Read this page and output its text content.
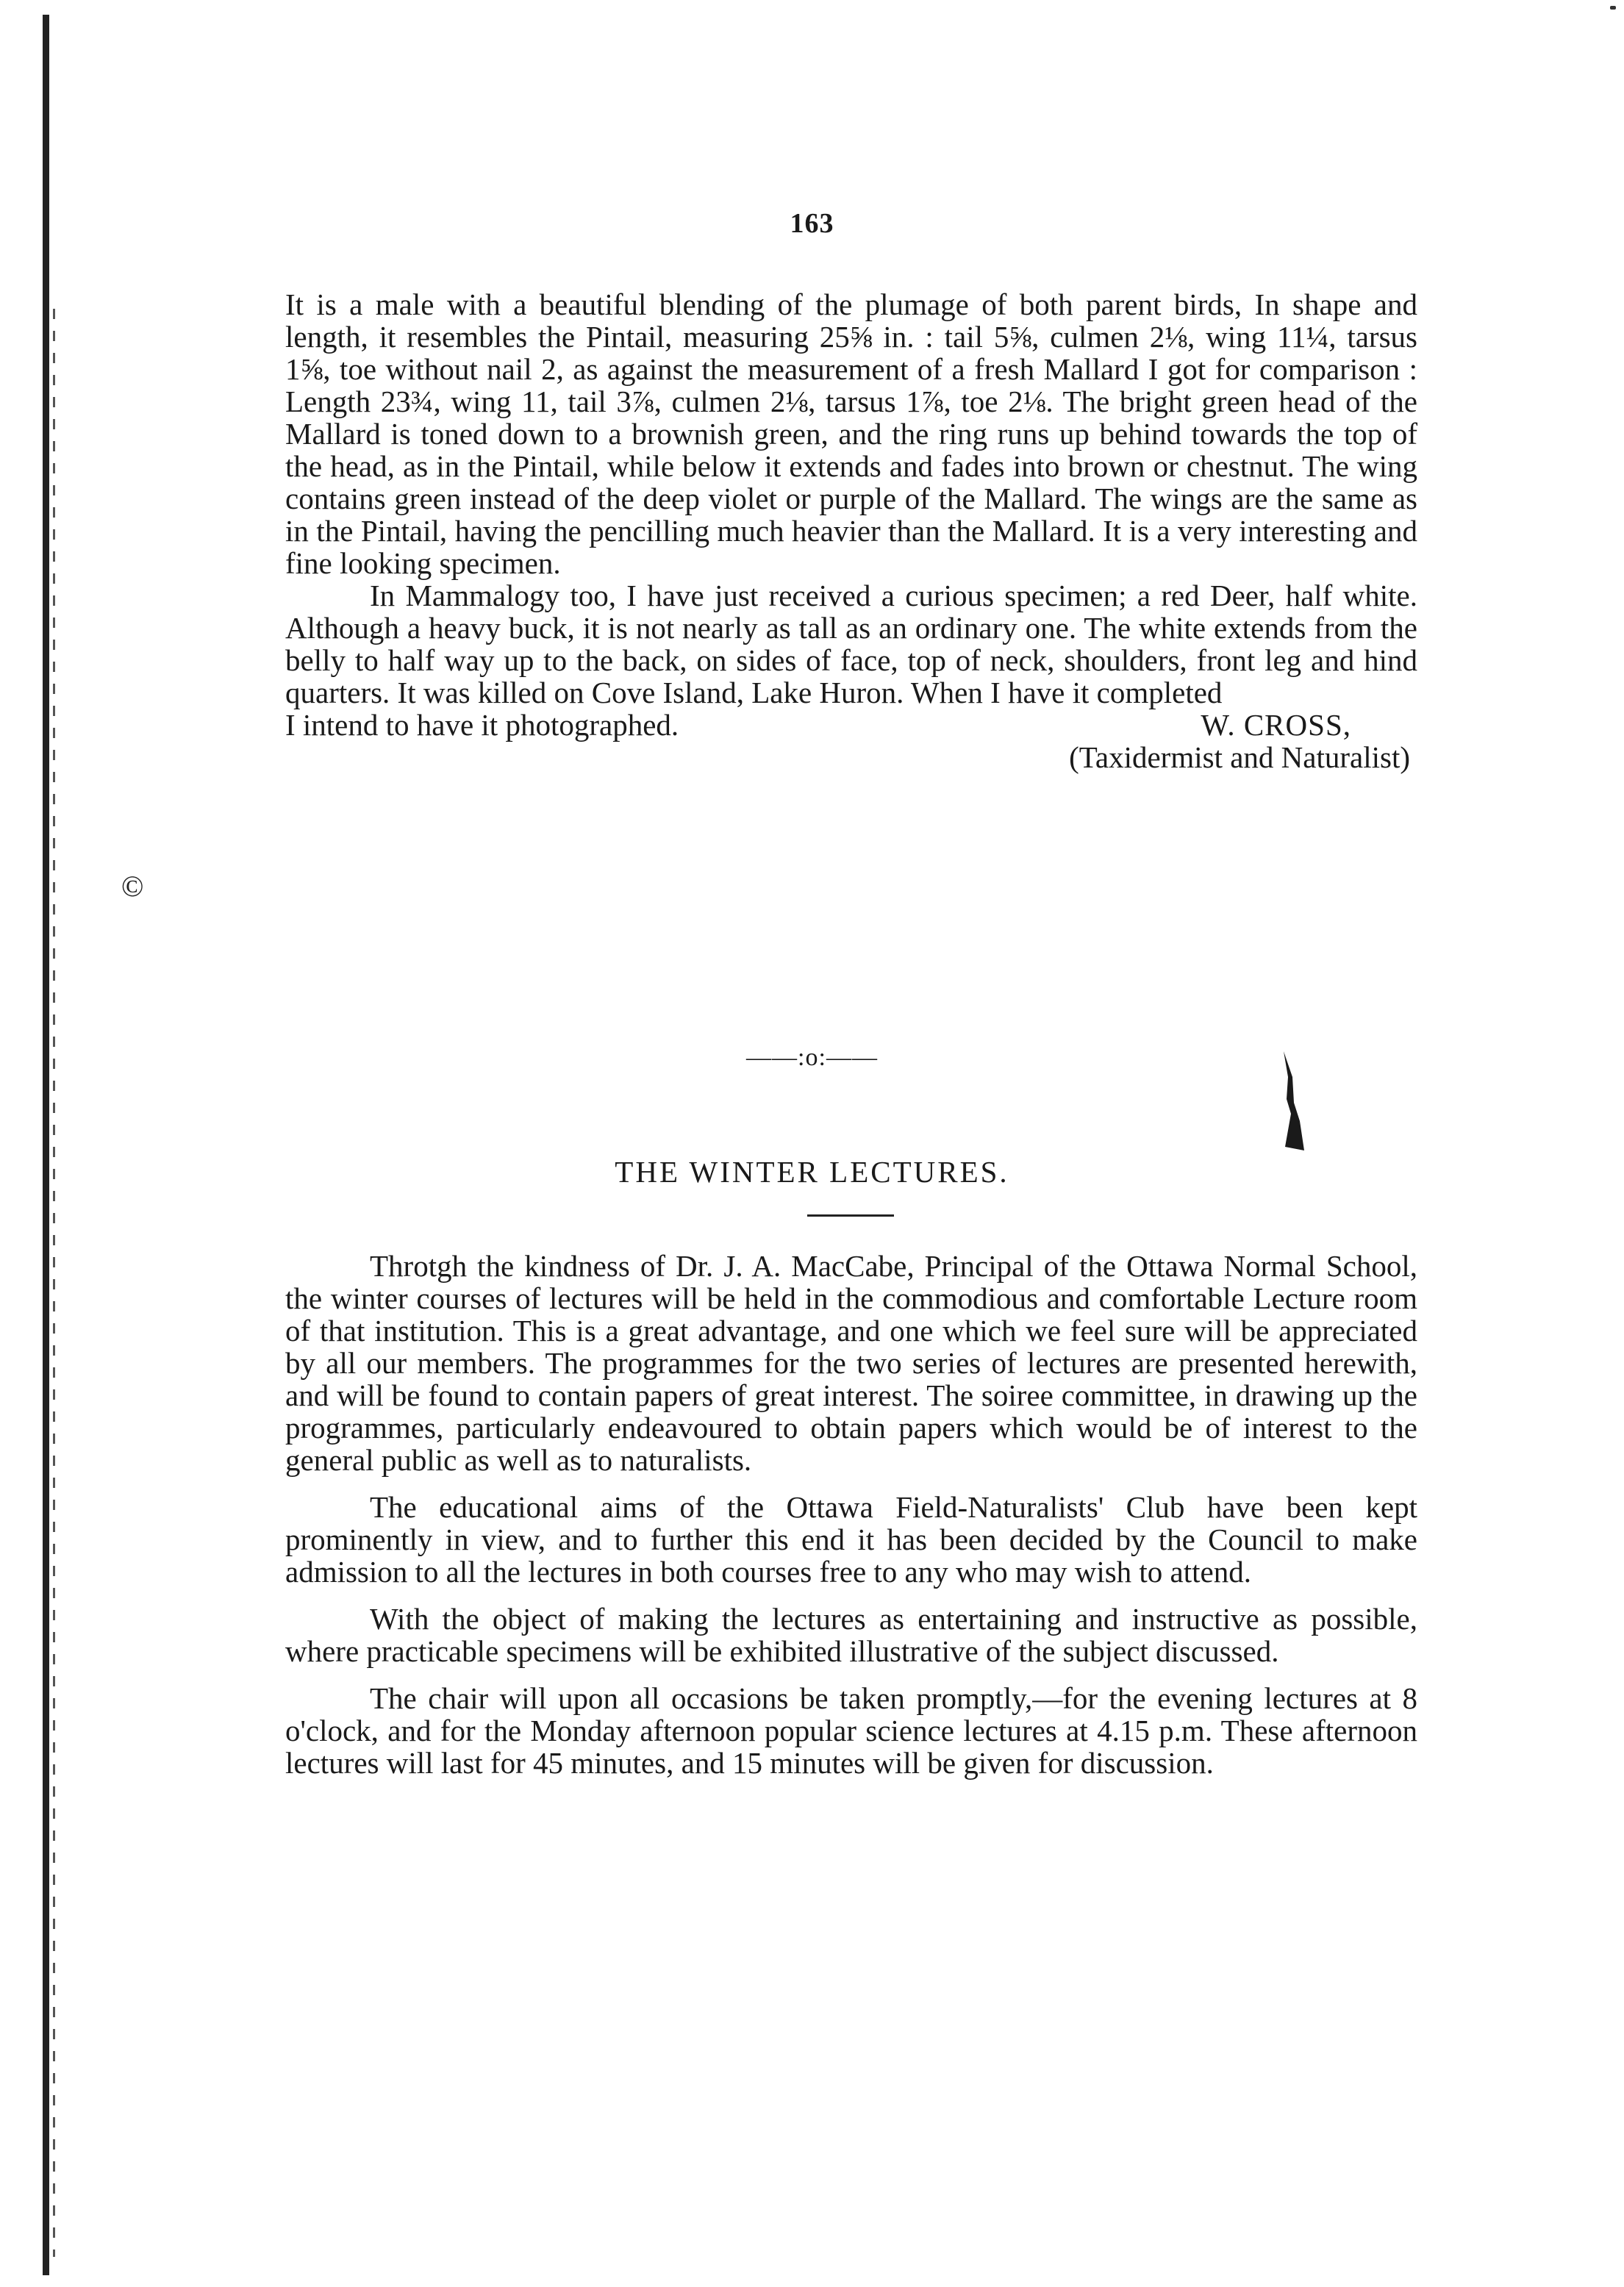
163

It is a male with a beautiful blending of the plumage of both parent birds, In shape and length, it resembles the Pintail, measuring 25⅝ in. : tail 5⅝, culmen 2⅛, wing 11¼, tarsus 1⅝, toe without nail 2, as against the measurement of a fresh Mallard I got for comparison : Length 23¾, wing 11, tail 3⅞, culmen 2⅛, tarsus 1⅞, toe 2⅛. The bright green head of the Mallard is toned down to a brownish green, and the ring runs up behind towards the top of the head, as in the Pintail, while below it extends and fades into brown or chestnut. The wing contains green instead of the deep violet or purple of the Mallard. The wings are the same as in the Pintail, having the pencilling much heavier than the Mallard. It is a very interesting and fine looking specimen.

In Mammalogy too, I have just received a curious specimen; a red Deer, half white. Although a heavy buck, it is not nearly as tall as an ordinary one. The white extends from the belly to half way up to the back, on sides of face, top of neck, shoulders, front leg and hind quarters. It was killed on Cove Island, Lake Huron. When I have it completed

I intend to have it photographed.	W. CROSS,
(Taxidermist and Naturalist)
©
——:o:——
THE WINTER LECTURES.

Throtgh the kindness of Dr. J. A. MacCabe, Principal of the Ottawa Normal School, the winter courses of lectures will be held in the commodious and comfortable Lecture room of that institution. This is a great advantage, and one which we feel sure will be appreciated by all our members. The programmes for the two series of lectures are presented herewith, and will be found to contain papers of great interest. The soiree committee, in drawing up the programmes, particularly endeavoured to obtain papers which would be of interest to the general public as well as to naturalists.

The educational aims of the Ottawa Field-Naturalists' Club have been kept prominently in view, and to further this end it has been decided by the Council to make admission to all the lectures in both courses free to any who may wish to attend.

With the object of making the lectures as entertaining and instructive as possible, where practicable specimens will be exhibited illustrative of the subject discussed.

The chair will upon all occasions be taken promptly,—for the evening lectures at 8 o'clock, and for the Monday afternoon popular science lectures at 4.15 p.m. These afternoon lectures will last for 45 minutes, and 15 minutes will be given for discussion.
